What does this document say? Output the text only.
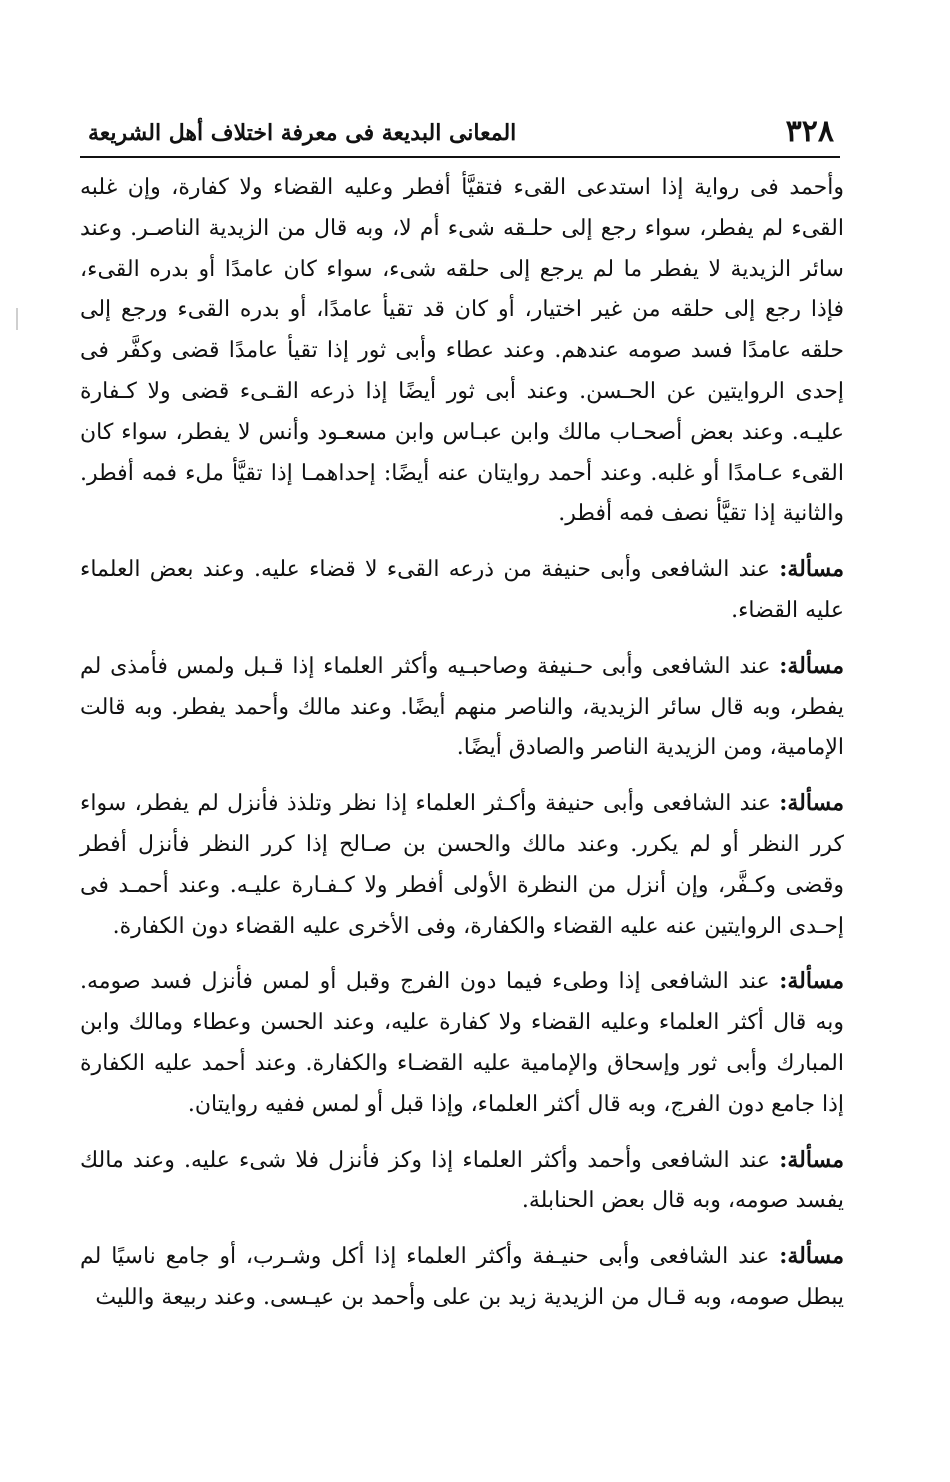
٣٢٨
المعانى البديعة فى معرفة اختلاف أهل الشريعة

وأحمد فى رواية إذا استدعى القىء فتقيَّأ أفطر وعليه القضاء ولا كفارة، وإن غلبه القىء لم يفطر، سواء رجع إلى حلـقه شىء أم لا، وبه قال من الزيدية الناصـر. وعند سائر الزيدية لا يفطر ما لم يرجع إلى حلقه شىء، سواء كان عامدًا أو بدره القىء، فإذا رجع إلى حلقه من غير اختيار، أو كان قد تقيأ عامدًا، أو بدره القىء ورجع إلى حلقه عامدًا فسد صومه عندهم. وعند عطاء وأبى ثور إذا تقيأ عامدًا قضى وكفَّر فى إحدى الروايتين عن الحـسن. وعند أبى ثور أيضًا إذا ذرعه القـىء قضى ولا كـفارة عليـه. وعند بعض أصحـاب مالك وابن عبـاس وابن مسعـود وأنس لا يفطر، سواء كان القىء عـامدًا أو غلبه. وعند أحمد روايتان عنه أيضًا: إحداهمـا إذا تقيَّأ ملء فمه أفطر. والثانية إذا تقيَّأ نصف فمه أفطر.

مسألة: عند الشافعى وأبى حنيفة من ذرعه القىء لا قضاء عليه. وعند بعض العلماء عليه القضاء.

مسألة: عند الشافعى وأبى حـنيفة وصاحبـيه وأكثر العلماء إذا قـبل ولمس فأمذى لم يفطر، وبه قال سائر الزيدية، والناصر منهم أيضًا. وعند مالك وأحمد يفطر. وبه قالت الإمامية، ومن الزيدية الناصر والصادق أيضًا.

مسألة: عند الشافعى وأبى حنيفة وأكـثر العلماء إذا نظر وتلذذ فأنزل لم يفطر، سواء كرر النظر أو لم يكرر. وعند مالك والحسن بن صـالح إذا كرر النظر فأنزل أفطر وقضى وكـفَّر، وإن أنزل من النظرة الأولى أفطر ولا كـفـارة عليـه. وعند أحمـد فى إحـدى الروايتين عنه عليه القضاء والكفارة، وفى الأخرى عليه القضاء دون الكفارة.

مسألة: عند الشافعى إذا وطىء فيما دون الفرج وقبل أو لمس فأنزل فسد صومه. وبه قال أكثر العلماء وعليه القضاء ولا كفارة عليه، وعند الحسن وعطاء ومالك وابن المبارك وأبى ثور وإسحاق والإمامية عليه القضـاء والكفارة. وعند أحمد عليه الكفارة إذا جامع دون الفرج، وبه قال أكثر العلماء، وإذا قبل أو لمس ففيه روايتان.

مسألة: عند الشافعى وأحمد وأكثر العلماء إذا وكز فأنزل فلا شىء عليه. وعند مالك يفسد صومه، وبه قال بعض الحنابلة.

مسألة: عند الشافعى وأبى حنيـفة وأكثر العلماء إذا أكل وشـرب، أو جامع ناسيًا لم يبطل صومه، وبه قـال من الزيدية زيد بن على وأحمد بن عيـسى. وعند ربيعة والليث
